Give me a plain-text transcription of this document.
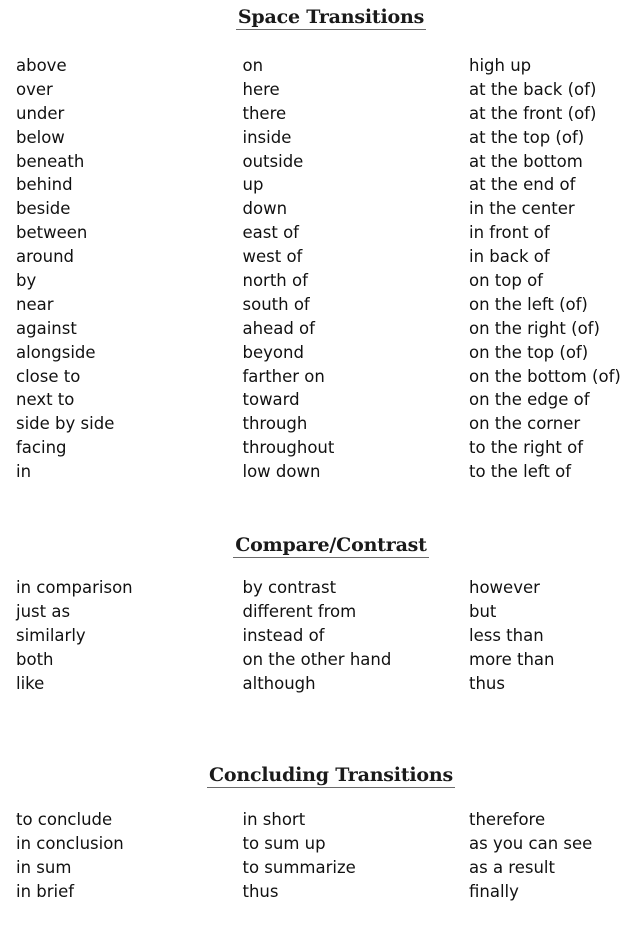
Space Transitions
above
over
under
below
beneath
behind
beside
between
around
by
near
against
alongside
close to
next to
side by side
facing
in
on
here
there
inside
outside
up
down
east of
west of
north of
south of
ahead of
beyond
farther on
toward
through
throughout
low down
high up
at the back (of)
at the front (of)
at the top (of)
at the bottom
at the end of
in the center
in front of
in back of
on top of
on the left (of)
on the right (of)
on the top (of)
on the bottom (of)
on the edge of
on the corner
to the right of
to the left of
Compare/Contrast
in comparison
just as
similarly
both
like
by contrast
different from
instead of
on the other hand
although
however
but
less than
more than
thus
Concluding Transitions
to conclude
in conclusion
in sum
in brief
in short
to sum up
to summarize
thus
therefore
as you can see
as a result
finally
